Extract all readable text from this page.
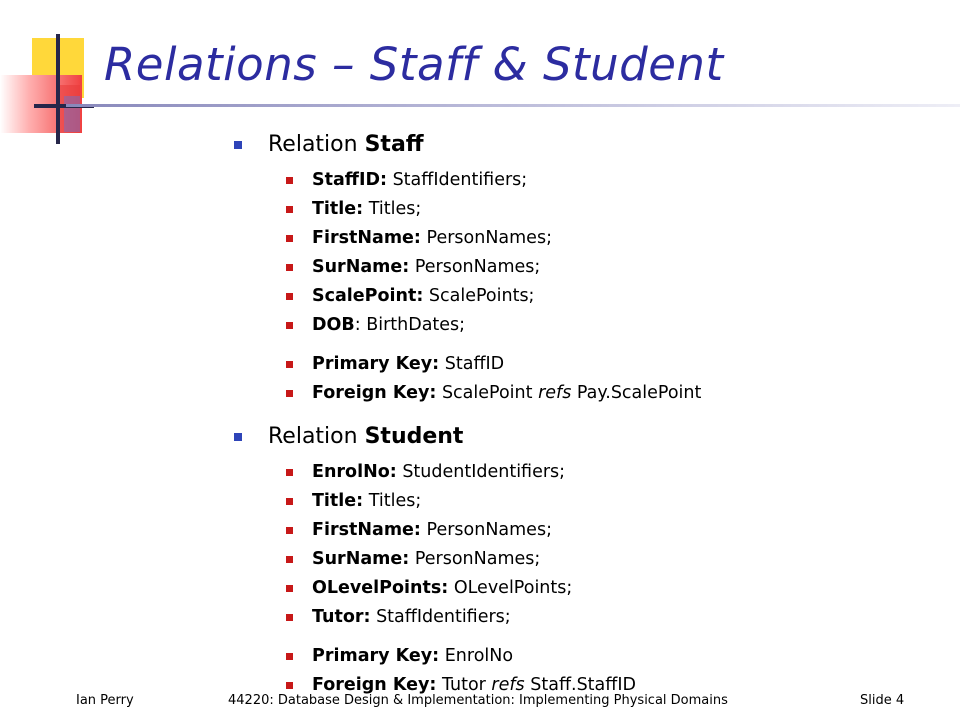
Relations – Staff & Student
Relation Staff
StaffID: StaffIdentifiers;
Title: Titles;
FirstName: PersonNames;
SurName: PersonNames;
ScalePoint: ScalePoints;
DOB: BirthDates;
Primary Key: StaffID
Foreign Key: ScalePoint refs Pay.ScalePoint
Relation Student
EnrolNo: StudentIdentifiers;
Title: Titles;
FirstName: PersonNames;
SurName: PersonNames;
OLevelPoints: OLevelPoints;
Tutor: StaffIdentifiers;
Primary Key: EnrolNo
Foreign Key: Tutor refs Staff.StaffID
Ian Perry	44220: Database Design & Implementation: Implementing Physical Domains	Slide 4
